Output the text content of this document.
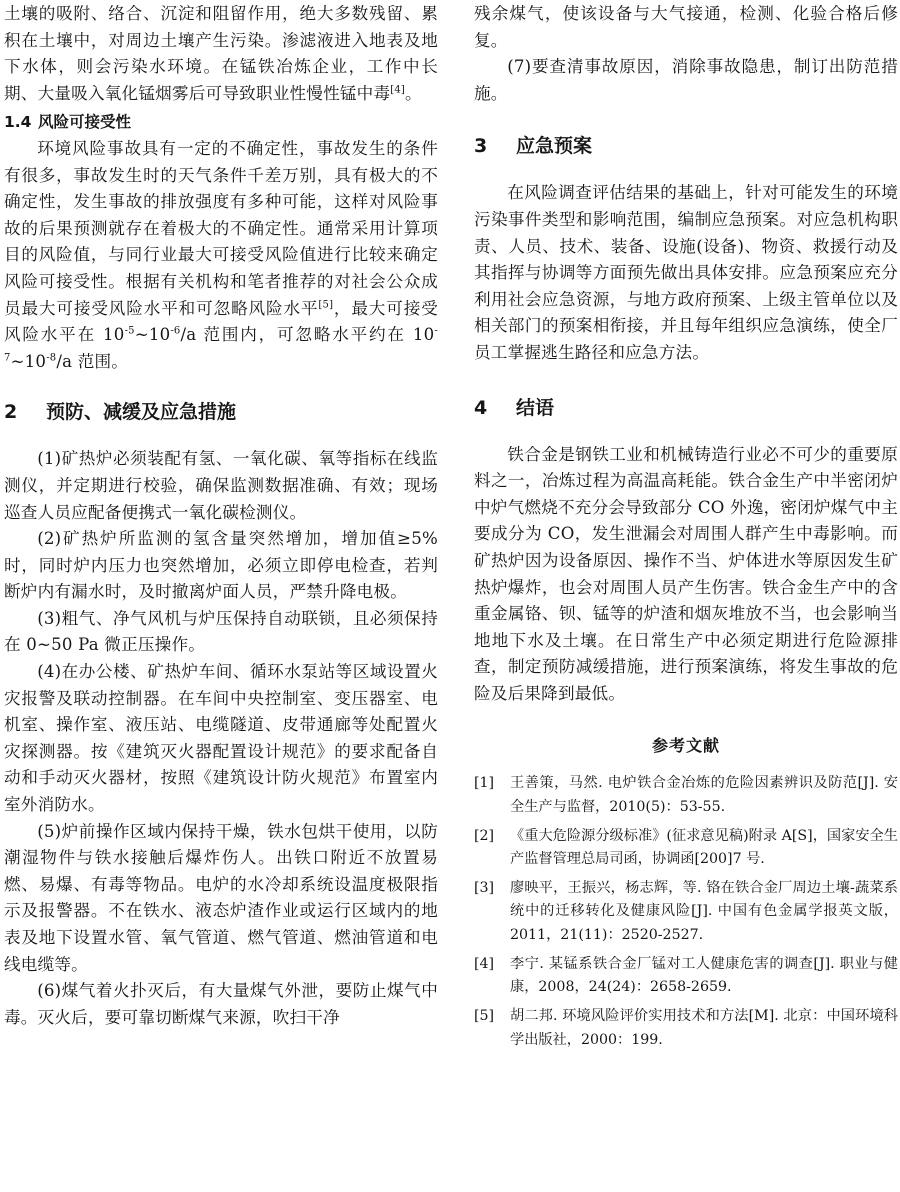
土壤的吸附、络合、沉淀和阻留作用，绝大多数残留、累积在土壤中，对周边土壤产生污染。渗滤液进入地表及地下水体，则会污染水环境。在锰铁冶炼企业，工作中长期、大量吸入氧化锰烟雾后可导致职业性慢性锰中毒[4]。

1.4 风险可接受性

环境风险事故具有一定的不确定性，事故发生的条件有很多，事故发生时的天气条件千差万别，具有极大的不确定性，发生事故的排放强度有多种可能，这样对风险事故的后果预测就存在着极大的不确定性。通常采用计算项目的风险值，与同行业最大可接受风险值进行比较来确定风险可接受性。根据有关机构和笔者推荐的对社会公众成员最大可接受风险水平和可忽略风险水平[5]，最大可接受风险水平在 $10^{-5}\sim 10^{-6}/a$ 范围内，可忽略水平约在 $10^{-7}\sim 10^{-8}/a$ 范围。

2 预防、减缓及应急措施

(1)矿热炉必须装配有氢、一氧化碳、氧等指标在线监测仪，并定期进行校验，确保监测数据准确、有效；现场巡查人员应配备便携式一氧化碳检测仪。

(2)矿热炉所监测的氢含量突然增加，增加值≥5% 时，同时炉内压力也突然增加，必须立即停电检查，若判断炉内有漏水时，及时撤离炉面人员，严禁升降电极。

(3)粗气、净气风机与炉压保持自动联锁，且必须保持在 0~50 Pa 微正压操作。

(4)在办公楼、矿热炉车间、循环水泵站等区域设置火灾报警及联动控制器。在车间中央控制室、变压器室、电机室、操作室、液压站、电缆隧道、皮带通廊等处配置火灾探测器。按《建筑灭火器配置设计规范》的要求配备自动和手动灭火器材，按照《建筑设计防火规范》布置室内室外消防水。

(5)炉前操作区域内保持干燥，铁水包烘干使用，以防潮湿物件与铁水接触后爆炸伤人。出铁口附近不放置易燃、易爆、有毒等物品。电炉的水冷却系统设温度极限指示及报警器。不在铁水、液态炉渣作业或运行区域内的地表及地下设置水管、氧气管道、燃气管道、燃油管道和电线电缆等。

(6)煤气着火扑灭后，有大量煤气外泄，要防止煤气中毒。灭火后，要可靠切断煤气来源，吹扫干净

残余煤气，使该设备与大气接通，检测、化验合格后修复。

(7)要查清事故原因，消除事故隐患，制订出防范措施。

3 应急预案

在风险调查评估结果的基础上，针对可能发生的环境污染事件类型和影响范围，编制应急预案。对应急机构职责、人员、技术、装备、设施(设备)、物资、救援行动及其指挥与协调等方面预先做出具体安排。应急预案应充分利用社会应急资源，与地方政府预案、上级主管单位以及相关部门的预案相衔接，并且每年组织应急演练，使全厂员工掌握逃生路径和应急方法。

4 结语

铁合金是钢铁工业和机械铸造行业必不可少的重要原料之一，冶炼过程为高温高耗能。铁合金生产中半密闭炉中炉气燃烧不充分会导致部分 CO 外逸，密闭炉煤气中主要成分为 CO，发生泄漏会对周围人群产生中毒影响。而矿热炉因为设备原因、操作不当、炉体进水等原因发生矿热炉爆炸，也会对周围人员产生伤害。铁合金生产中的含重金属铬、钡、锰等的炉渣和烟灰堆放不当，也会影响当地地下水及土壤。在日常生产中必须定期进行危险源排查，制定预防减缓措施，进行预案演练，将发生事故的危险及后果降到最低。

参考文献
[1] 王善策，马然. 电炉铁合金冶炼的危险因素辨识及防范[J]. 安全生产与监督，2010(5)：53-55.
[2] 《重大危险源分级标准》(征求意见稿)附录 A[S]，国家安全生产监督管理总局司函，协调函[200]7 号.
[3] 廖映平，王振兴，杨志辉，等. 铬在铁合金厂周边土壤-蔬菜系统中的迁移转化及健康风险[J]. 中国有色金属学报英文版，2011，21(11)：2520-2527.
[4] 李宁. 某锰系铁合金厂锰对工人健康危害的调查[J]. 职业与健康，2008，24(24)：2658-2659.
[5] 胡二邦. 环境风险评价实用技术和方法[M]. 北京：中国环境科学出版社，2000：199.
